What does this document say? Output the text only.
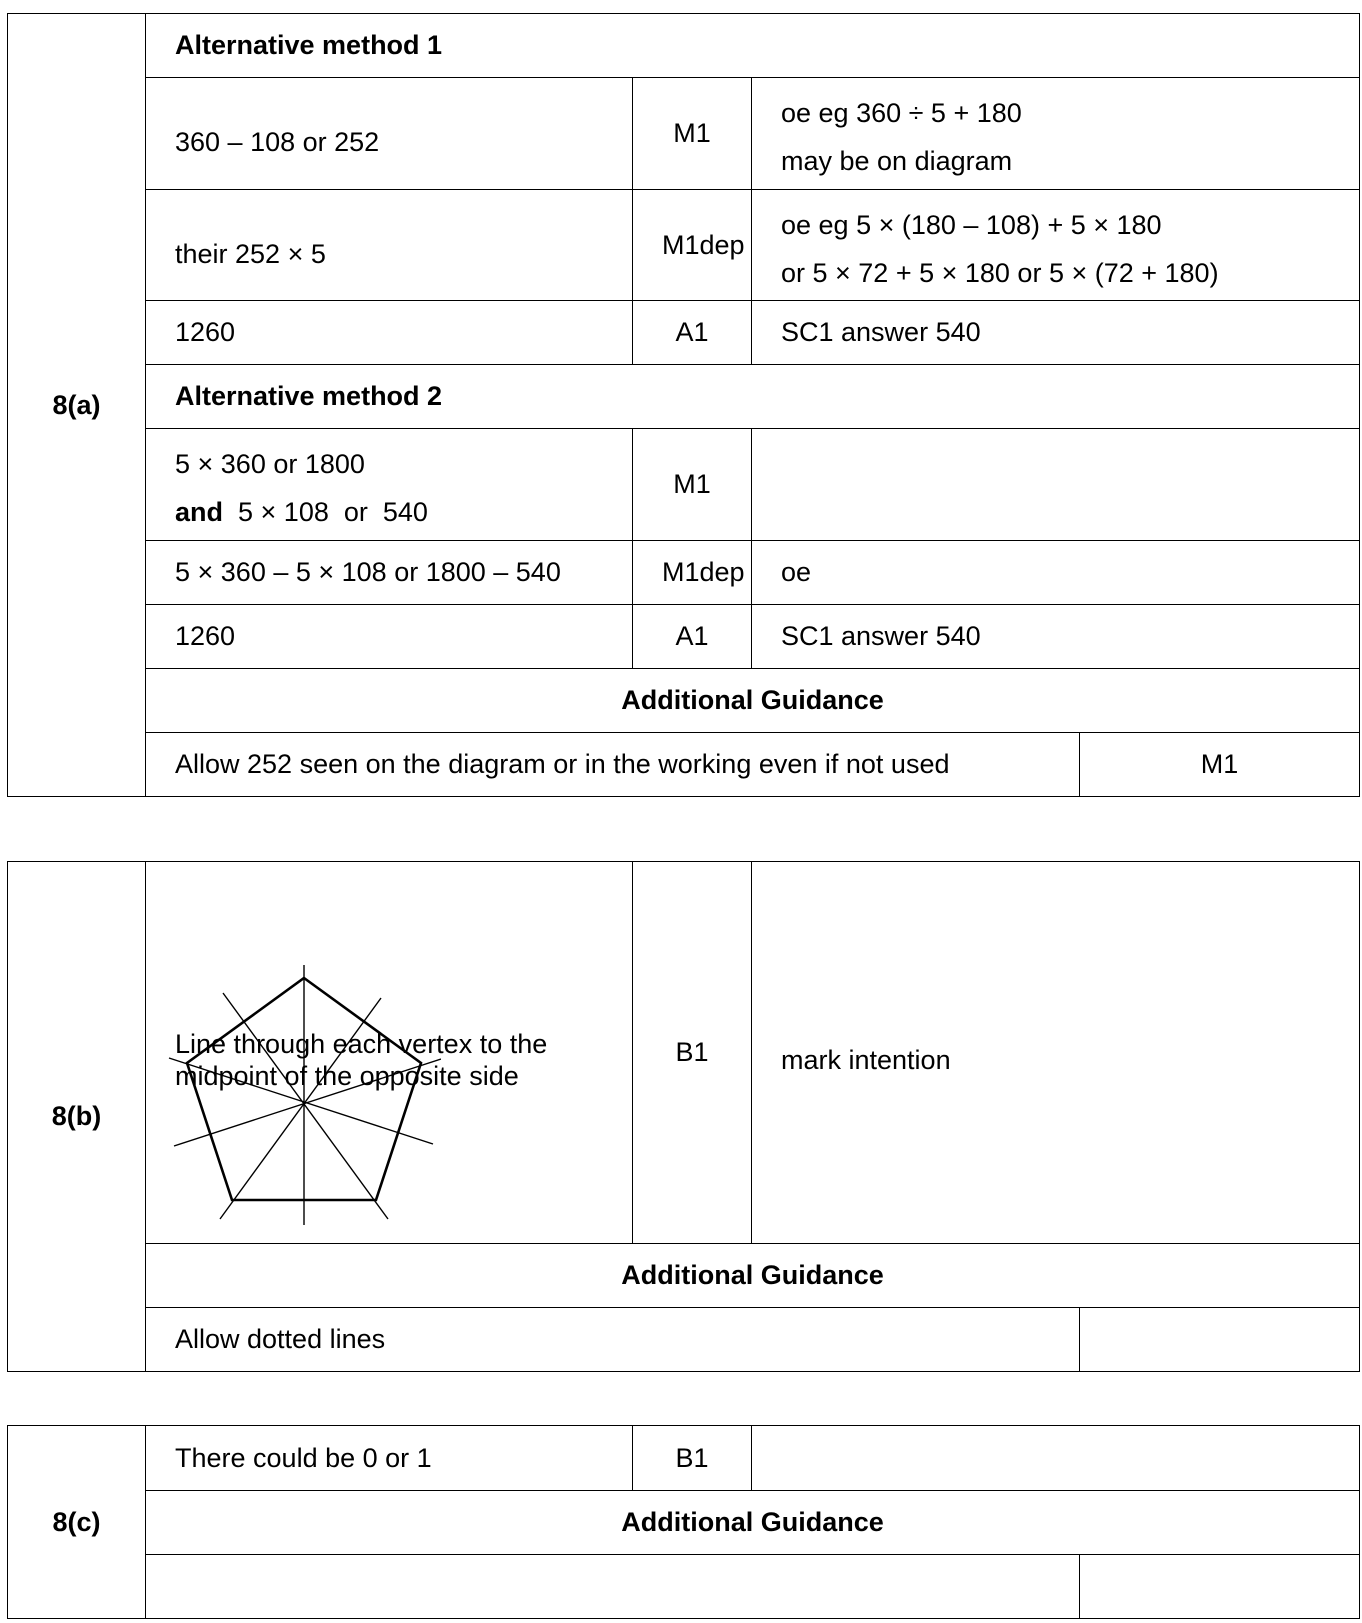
8(a)	Alternative method 1			

	360 – 108 or 252	M1	oe eg 360 ÷ 5 + 180
may be on diagram	

	their 252 × 5	M1dep	oe eg 5 × (180 – 108) + 5 × 180
or 5 × 72 + 5 × 180 or 5 × (72 + 180)	

	1260	A1	SC1 answer 540	
	Alternative method 2			

	5 × 360 or 1800
and  5 × 108  or  540	M1		
	5 × 360 – 5 × 108 or 1800 – 540	M1dep	oe	
	1260	A1	SC1 answer 540	
	Additional Guidance			
	Allow 252 seen on the diagram or in the working even if not used			M1
8(b)	Line through each vertex to the
midpoint of the opposite side	B1	mark intention	
	Additional Guidance			
	Allow dotted lines			
8(c)	There could be 0 or 1	B1		
	Additional Guidance			
